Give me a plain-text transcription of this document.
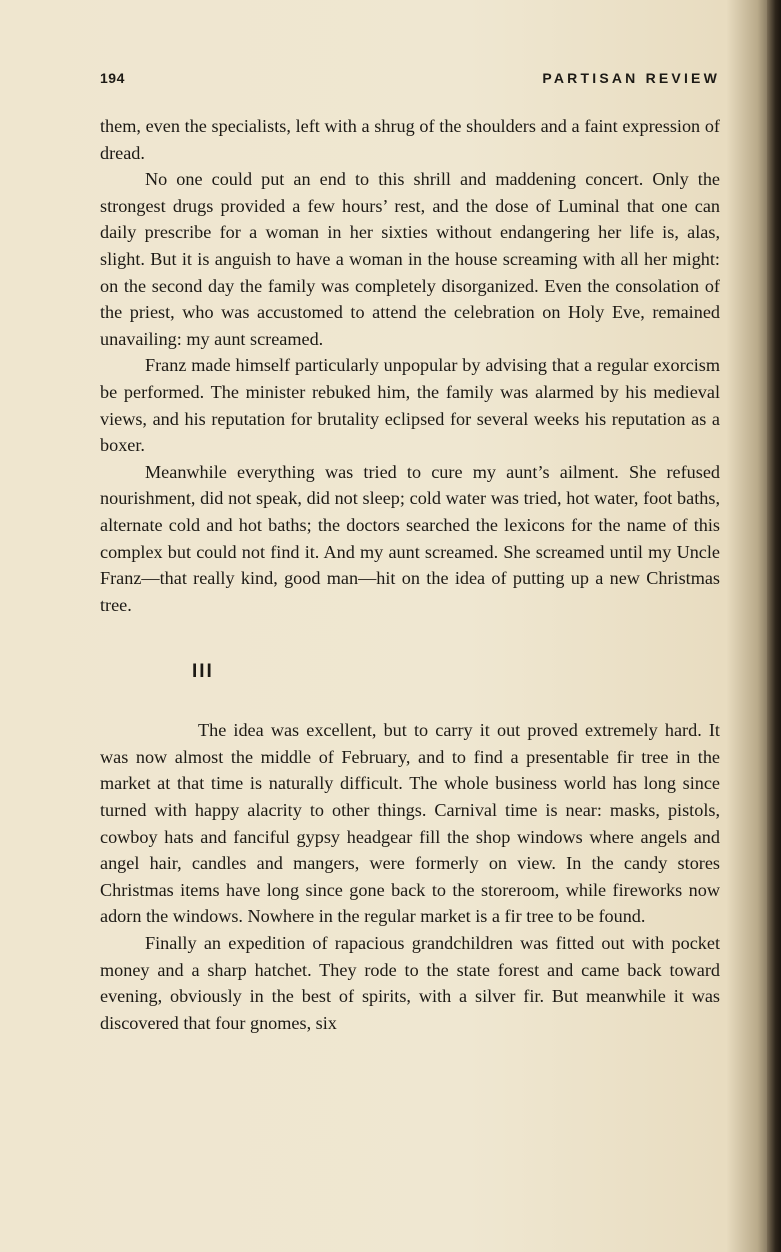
194	PARTISAN REVIEW

them, even the specialists, left with a shrug of the shoulders and a faint expression of dread.

No one could put an end to this shrill and maddening concert. Only the strongest drugs provided a few hours’ rest, and the dose of Luminal that one can daily prescribe for a woman in her sixties without endangering her life is, alas, slight. But it is anguish to have a woman in the house screaming with all her might: on the second day the family was completely disorganized. Even the consolation of the priest, who was accustomed to attend the celebration on Holy Eve, remained unavailing: my aunt screamed.

Franz made himself particularly unpopular by advising that a regular exorcism be performed. The minister rebuked him, the family was alarmed by his medieval views, and his reputation for brutality eclipsed for several weeks his reputation as a boxer.

Meanwhile everything was tried to cure my aunt’s ailment. She refused nourishment, did not speak, did not sleep; cold water was tried, hot water, foot baths, alternate cold and hot baths; the doctors searched the lexicons for the name of this complex but could not find it. And my aunt screamed. She screamed until my Uncle Franz—that really kind, good man—hit on the idea of putting up a new Christmas tree.

III

The idea was excellent, but to carry it out proved extremely hard. It was now almost the middle of February, and to find a presentable fir tree in the market at that time is naturally difficult. The whole business world has long since turned with happy alacrity to other things. Carnival time is near: masks, pistols, cowboy hats and fanciful gypsy headgear fill the shop windows where angels and angel hair, candles and mangers, were formerly on view. In the candy stores Christmas items have long since gone back to the storeroom, while fireworks now adorn the windows. Nowhere in the regular market is a fir tree to be found.

Finally an expedition of rapacious grandchildren was fitted out with pocket money and a sharp hatchet. They rode to the state forest and came back toward evening, obviously in the best of spirits, with a silver fir. But meanwhile it was discovered that four gnomes, six
